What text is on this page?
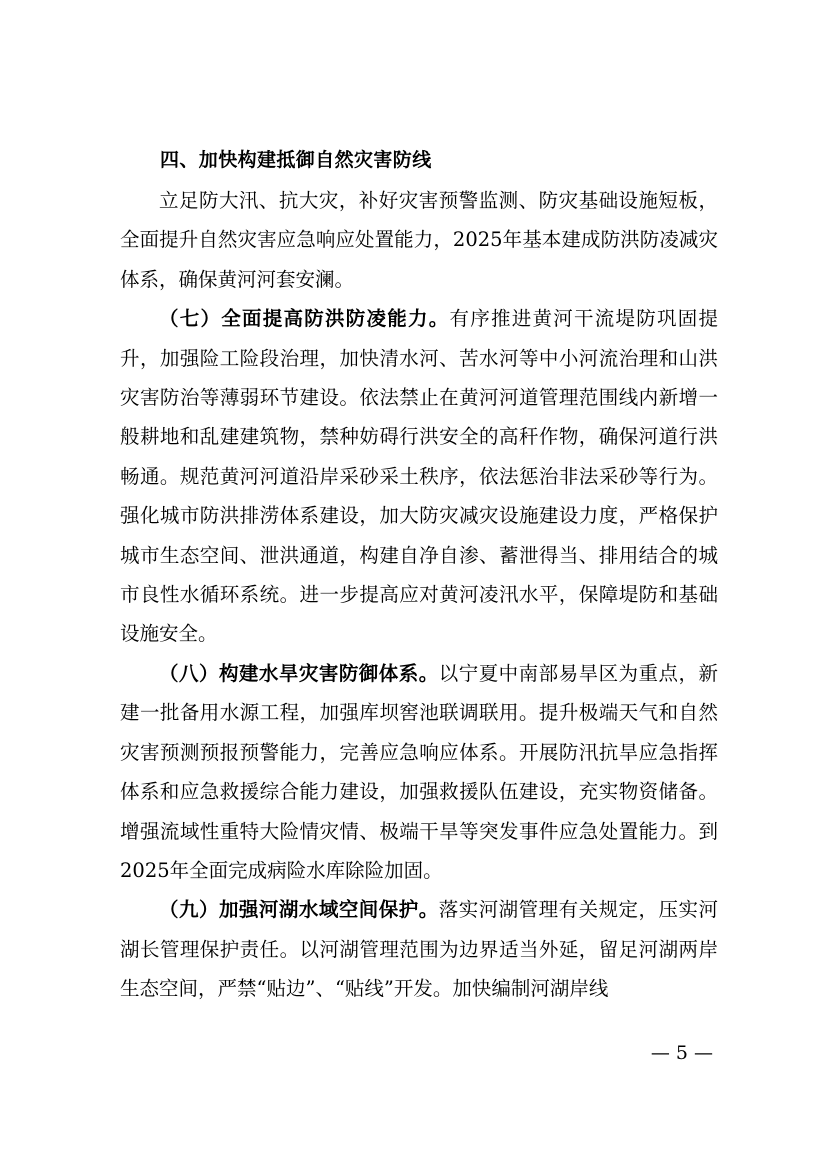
四、加快构建抵御自然灾害防线

立足防大汛、抗大灾，补好灾害预警监测、防灾基础设施短板，全面提升自然灾害应急响应处置能力，2025年基本建成防洪防凌减灾体系，确保黄河河套安澜。

（七）全面提高防洪防凌能力。有序推进黄河干流堤防巩固提升，加强险工险段治理，加快清水河、苦水河等中小河流治理和山洪灾害防治等薄弱环节建设。依法禁止在黄河河道管理范围线内新增一般耕地和乱建建筑物，禁种妨碍行洪安全的高秆作物，确保河道行洪畅通。规范黄河河道沿岸采砂采土秩序，依法惩治非法采砂等行为。强化城市防洪排涝体系建设，加大防灾减灾设施建设力度，严格保护城市生态空间、泄洪通道，构建自净自渗、蓄泄得当、排用结合的城市良性水循环系统。进一步提高应对黄河凌汛水平，保障堤防和基础设施安全。

（八）构建水旱灾害防御体系。以宁夏中南部易旱区为重点，新建一批备用水源工程，加强库坝窖池联调联用。提升极端天气和自然灾害预测预报预警能力，完善应急响应体系。开展防汛抗旱应急指挥体系和应急救援综合能力建设，加强救援队伍建设，充实物资储备。增强流域性重特大险情灾情、极端干旱等突发事件应急处置能力。到2025年全面完成病险水库除险加固。

（九）加强河湖水域空间保护。落实河湖管理有关规定，压实河湖长管理保护责任。以河湖管理范围为边界适当外延，留足河湖两岸生态空间，严禁“贴边”、“贴线”开发。加快编制河湖岸线

— 5 —
